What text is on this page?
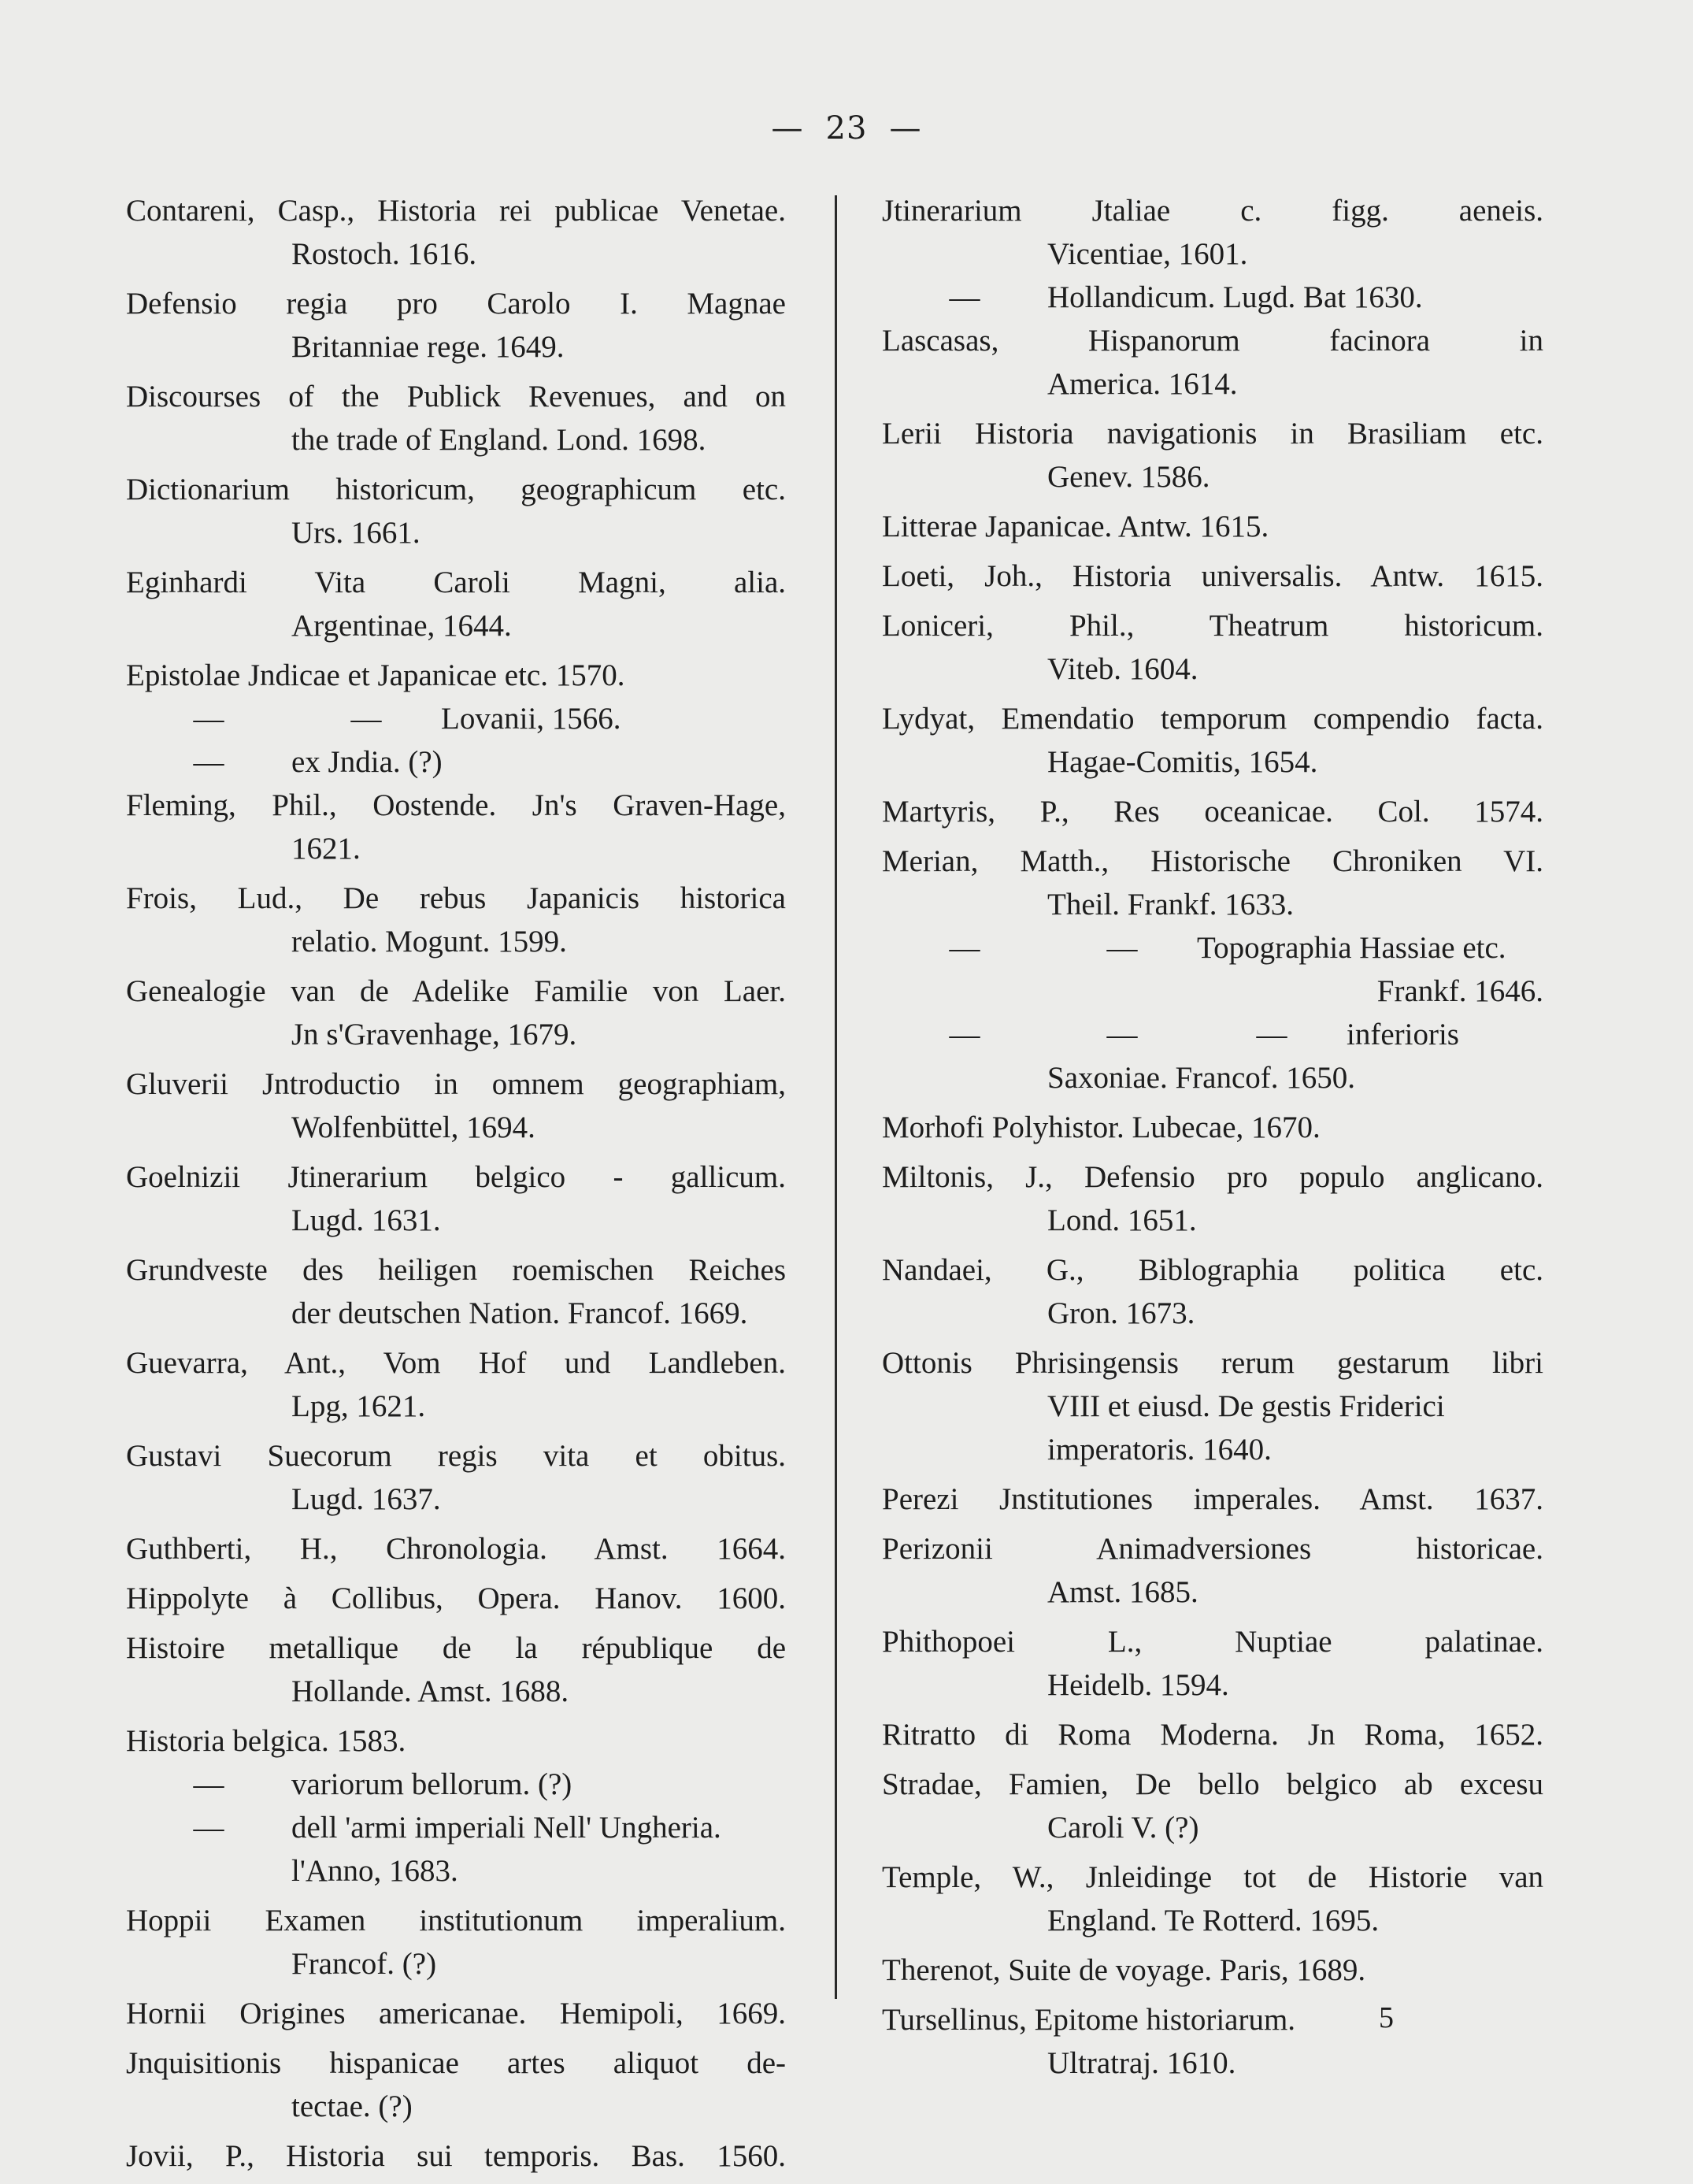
— 23 —
Contareni, Casp., Historia rei publicae Venetae.
Rostoch. 1616.
Defensio regia pro Carolo I. Magnae
Britanniae rege. 1649.
Discourses of the Publick Revenues, and on
the trade of England. Lond. 1698.
Dictionarium historicum, geographicum etc.
Urs. 1661.
Eginhardi Vita Caroli Magni, alia.
Argentinae, 1644.
Epistolae Jndicae et Japanicae etc. 1570.
—	— Lovanii, 1566.
— ex Jndia. (?)
Fleming, Phil., Oostende. Jn's Graven-Hage,
1621.
Frois, Lud., De rebus Japanicis historica
relatio. Mogunt. 1599.
Genealogie van de Adelike Familie von Laer.
Jn s'Gravenhage, 1679.
Gluverii Jntroductio in omnem geographiam,
Wolfenbüttel, 1694.
Goelnizii Jtinerarium belgico - gallicum.
Lugd. 1631.
Grundveste des heiligen roemischen Reiches
der deutschen Nation. Francof. 1669.
Guevarra, Ant., Vom Hof und Landleben.
Lpg, 1621.
Gustavi Suecorum regis vita et obitus.
Lugd. 1637.
Guthberti, H., Chronologia. Amst. 1664.
Hippolyte à Collibus, Opera. Hanov. 1600.
Histoire metallique de la république de
Hollande. Amst. 1688.
Historia belgica. 1583.
— variorum bellorum. (?)
— dell 'armi imperiali Nell' Ungheria.
l'Anno, 1683.
Hoppii Examen institutionum imperalium.
Francof. (?)
Hornii Origines americanae. Hemipoli, 1669.
Jnquisitionis hispanicae artes aliquot de-
tectae. (?)
Jovii, P., Historia sui temporis. Bas. 1560.
Jtinerarium Jtaliae c. figg. aeneis.
Vicentiae, 1601.
— Hollandicum. Lugd. Bat 1630.
Lascasas, Hispanorum facinora in
America. 1614.
Lerii Historia navigationis in Brasiliam etc.
Genev. 1586.
Litterae Japanicae. Antw. 1615.
Loeti, Joh., Historia universalis. Antw. 1615.
Loniceri, Phil., Theatrum historicum.
Viteb. 1604.
Lydyat, Emendatio temporum compendio facta.
Hagae-Comitis, 1654.
Martyris, P., Res oceanicae. Col. 1574.
Merian, Matth., Historische Chroniken VI.
Theil. Frankf. 1633.
—	— Topographia Hassiae etc.
Frankf. 1646.
—	—	— inferioris
Saxoniae. Francof. 1650.
Morhofi Polyhistor. Lubecae, 1670.
Miltonis, J., Defensio pro populo anglicano.
Lond. 1651.
Nandaei, G., Biblographia politica etc.
Gron. 1673.
Ottonis Phrisingensis rerum gestarum libri
VIII et eiusd. De gestis Friderici
imperatoris. 1640.
Perezi Jnstitutiones imperales. Amst. 1637.
Perizonii Animadversiones historicae.
Amst. 1685.
Phithopoei L., Nuptiae palatinae.
Heidelb. 1594.
Ritratto di Roma Moderna. Jn Roma, 1652.
Stradae, Famien, De bello belgico ab excesu
Caroli V. (?)
Temple, W., Jnleidinge tot de Historie van
England. Te Rotterd. 1695.
Therenot, Suite de voyage. Paris, 1689.
Tursellinus, Epitome historiarum.
Ultratraj. 1610.
5
